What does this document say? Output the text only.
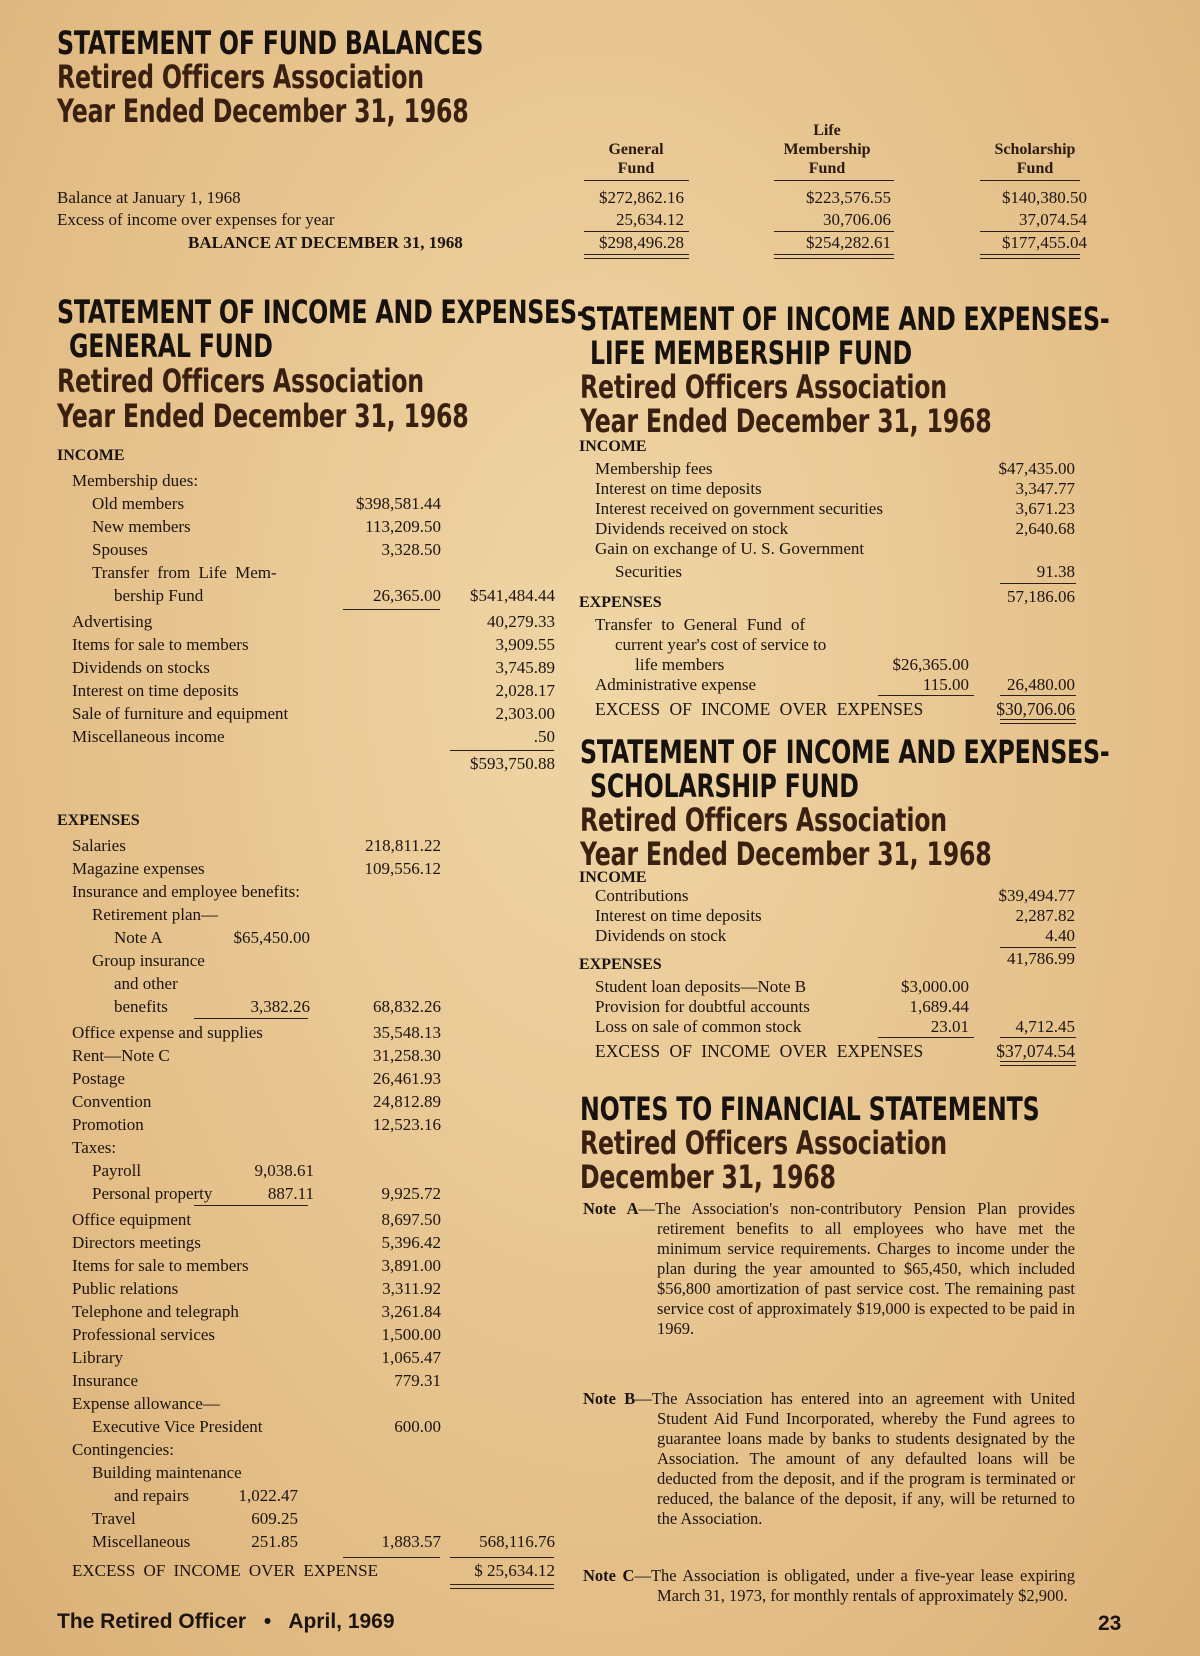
STATEMENT OF FUND BALANCES
Retired Officers Association
Year Ended December 31, 1968
General
Fund
Life
Membership
Fund
Scholarship
Fund
Balance at January 1, 1968	$272,862.16	$223,576.55	$140,380.50
Excess of income over expenses for year	25,634.12	30,706.06	37,074.54
BALANCE AT DECEMBER 31, 1968	$298,496.28	$254,282.61	$177,455.04
STATEMENT OF INCOME AND EXPENSES-
GENERAL FUND
Retired Officers Association
Year Ended December 31, 1968
INCOME
Membership dues:
Old members	$398,581.44
New members	113,209.50
Spouses	3,328.50
Transfer from Life Mem-
bership Fund	26,365.00 $541,484.44
Advertising	40,279.33
Items for sale to members	3,909.55
Dividends on stocks	3,745.89
Interest on time deposits	2,028.17
Sale of furniture and equipment	2,303.00
Miscellaneous income	.50
$593,750.88
EXPENSES
Salaries	218,811.22
Magazine expenses	109,556.12
Insurance and employee benefits:
Retirement plan—
Note A	$65,450.00
Group insurance
and other
benefits	3,382.26	68,832.26
Office expense and supplies	35,548.13
Rent—Note C	31,258.30
Postage	26,461.93
Convention	24,812.89
Promotion	12,523.16
Taxes:
Payroll	9,038.61
Personal property	887.11	9,925.72
Office equipment	8,697.50
Directors meetings	5,396.42
Items for sale to members	3,891.00
Public relations	3,311.92
Telephone and telegraph	3,261.84
Professional services	1,500.00
Library	1,065.47
Insurance	779.31
Expense allowance—
Executive Vice President	600.00
Contingencies:
Building maintenance
and repairs	1,022.47
Travel	609.25
Miscellaneous	251.85	1,883.57 568,116.76
EXCESS OF INCOME OVER EXPENSE	$ 25,634.12
STATEMENT OF INCOME AND EXPENSES-
LIFE MEMBERSHIP FUND
Retired Officers Association
Year Ended December 31, 1968
INCOME
Membership fees	$47,435.00
Interest on time deposits	3,347.77
Interest received on government securities	3,671.23
Dividends received on stock	2,640.68
Gain on exchange of U. S. Government
Securities	91.38
57,186.06
EXPENSES
Transfer to General Fund of
current year's cost of service to
life members	$26,365.00
Administrative expense	115.00 26,480.00
EXCESS OF INCOME OVER EXPENSES	$30,706.06
STATEMENT OF INCOME AND EXPENSES-
SCHOLARSHIP FUND
Retired Officers Association
Year Ended December 31, 1968
INCOME
Contributions	$39,494.77
Interest on time deposits	2,287.82
Dividends on stock	4.40
41,786.99
EXPENSES
Student loan deposits—Note B	$3,000.00
Provision for doubtful accounts	1,689.44
Loss on sale of common stock	23.01	4,712.45
EXCESS OF INCOME OVER EXPENSES	$37,074.54
NOTES TO FINANCIAL STATEMENTS
Retired Officers Association
December 31, 1968
Note A—The Association's non-contributory Pension Plan provides retirement benefits to all employees who have met the minimum service requirements. Charges to income under the plan during the year amounted to $65,450, which included $56,800 amortization of past service cost. The remaining past service cost of approximately $19,000 is expected to be paid in 1969.
Note B—The Association has entered into an agreement with United Student Aid Fund Incorporated, whereby the Fund agrees to guarantee loans made by banks to students designated by the Association. The amount of any defaulted loans will be deducted from the deposit, and if the program is terminated or reduced, the balance of the deposit, if any, will be returned to the Association.
Note C—The Association is obligated, under a five-year lease expiring March 31, 1973, for monthly rentals of approximately $2,900.
The Retired Officer • April, 1969	23
